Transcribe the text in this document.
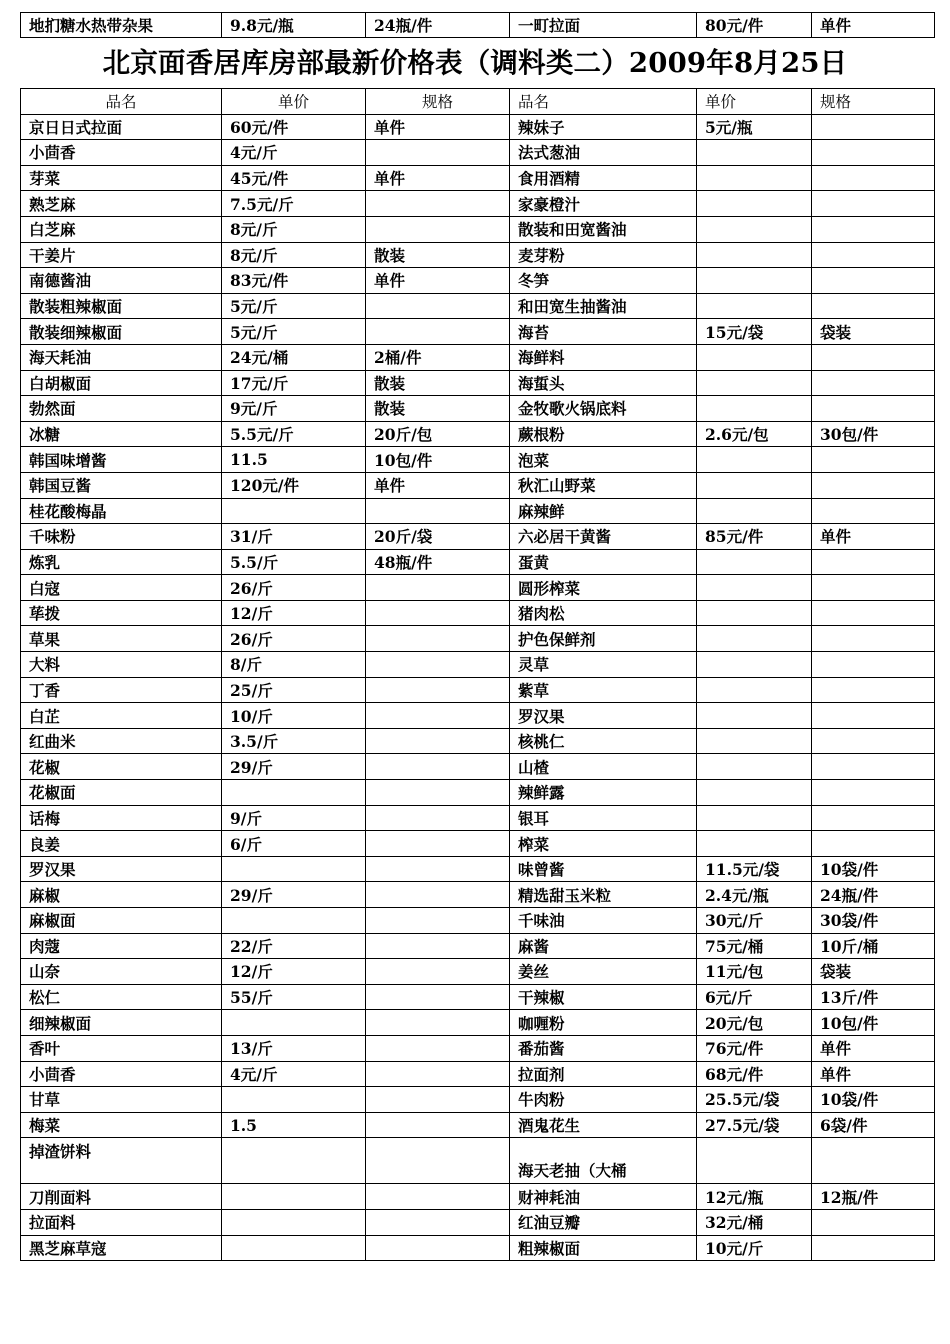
地扪糖水热带杂果	9.8元/瓶	24瓶/件	一町拉面	80元/件	单件
北京面香居库房部最新价格表（调料类二）2009年8月25日
品名	单价	规格	品名	单价	规格
京日日式拉面	60元/件	单件	辣妹子	5元/瓶	
小茴香	4元/斤		法式葱油		
芽菜	45元/件	单件	食用酒精		
熟芝麻	7.5元/斤		家豪橙汁		
白芝麻	8元/斤		散装和田宽酱油		
干姜片	8元/斤	散装	麦芽粉		
南德酱油	83元/件	单件	冬笋		
散装粗辣椒面	5元/斤		和田宽生抽酱油		
散装细辣椒面	5元/斤		海苔	15元/袋	袋装
海天耗油	24元/桶	2桶/件	海鲜料		
白胡椒面	17元/斤	散装	海蜇头		
勃然面	9元/斤	散装	金牧歌火锅底料		
冰糖	5.5元/斤	20斤/包	蕨根粉	2.6元/包	30包/件
韩国味增酱	11.5	10包/件	泡菜		
韩国豆酱	120元/件	单件	秋汇山野菜		
桂花酸梅晶			麻辣鲜		
千味粉	31/斤	20斤/袋	六必居干黄酱	85元/件	单件
炼乳	5.5/斤	48瓶/件	蛋黄		
白寇	26/斤		圆形榨菜		
荜拨	12/斤		猪肉松		
草果	26/斤		护色保鲜剂		
大料	8/斤		灵草		
丁香	25/斤		紫草		
白芷	10/斤		罗汉果		
红曲米	3.5/斤		核桃仁		
花椒	29/斤		山楂		
花椒面			辣鲜露		
话梅	9/斤		银耳		
良姜	6/斤		榨菜		
罗汉果			味曾酱	11.5元/袋	10袋/件
麻椒	29/斤		精选甜玉米粒	2.4元/瓶	24瓶/件
麻椒面			千味油	30元/斤	30袋/件
肉蔻	22/斤		麻酱	75元/桶	10斤/桶
山奈	12/斤		姜丝	11元/包	袋装
松仁	55/斤		干辣椒	6元/斤	13斤/件
细辣椒面			咖喱粉	20元/包	10包/件
香叶	13/斤		番茄酱	76元/件	单件
小茴香	4元/斤		拉面剂	68元/件	单件
甘草			牛肉粉	25.5元/袋	10袋/件
梅菜	1.5		酒鬼花生	27.5元/袋	6袋/件
掉渣饼料			海天老抽（大桶		
刀削面料			财神耗油	12元/瓶	12瓶/件
拉面料			红油豆瓣	32元/桶	
黑芝麻草寇			粗辣椒面	10元/斤	
